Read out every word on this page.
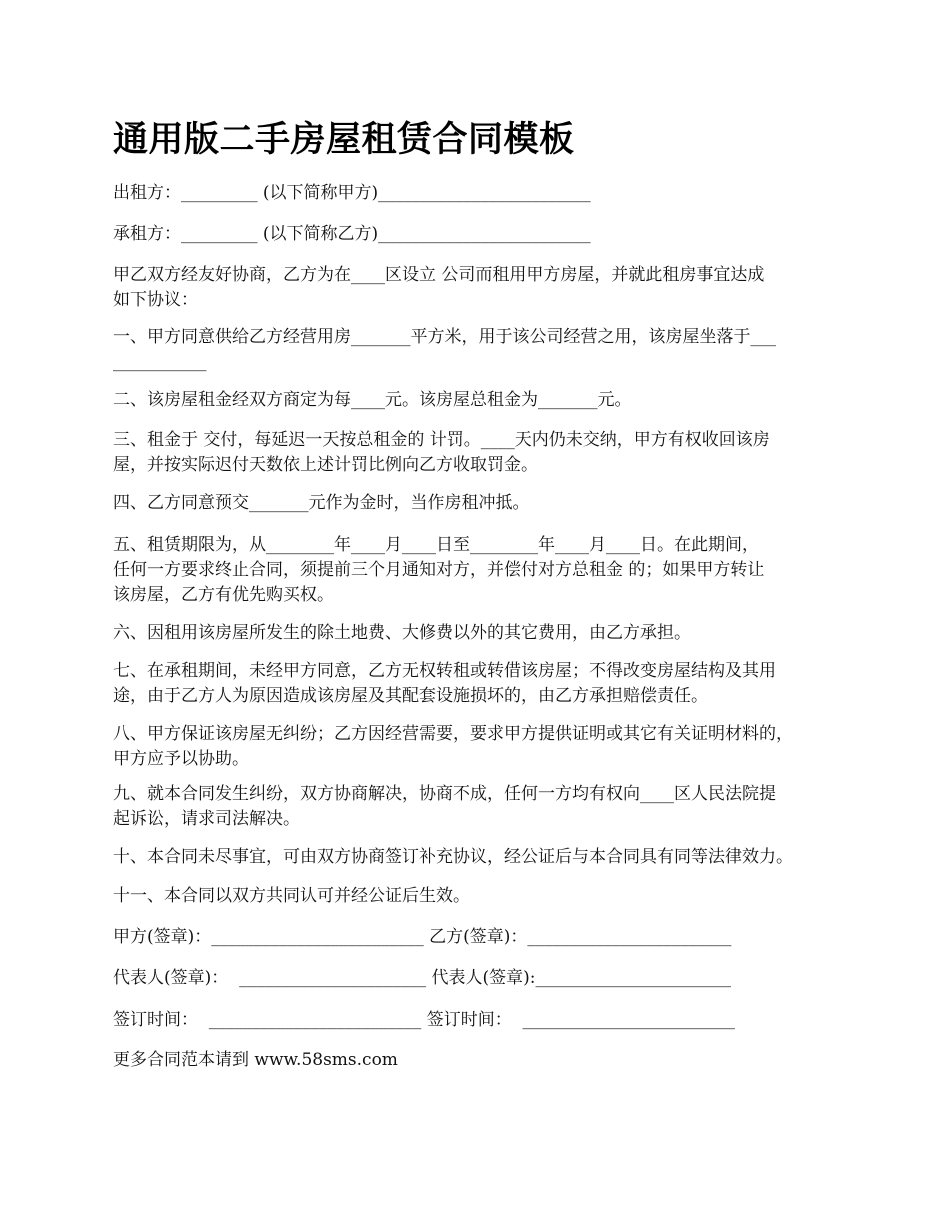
通用版二手房屋租赁合同模板

出租方：_________ (以下简称甲方)_________________________

承租方：_________ (以下简称乙方)_________________________

甲乙双方经友好协商，乙方为在____区设立 公司而租用甲方房屋，并就此租房事宜达成
如下协议：

一、甲方同意供给乙方经营用房_______平方米，用于该公司经营之用，该房屋坐落于___
___________

二、该房屋租金经双方商定为每____元。该房屋总租金为_______元。

三、租金于 交付，每延迟一天按总租金的 计罚。____天内仍未交纳，甲方有权收回该房
屋，并按实际迟付天数依上述计罚比例向乙方收取罚金。

四、乙方同意预交_______元作为金时，当作房租冲抵。

五、租赁期限为，从________年____月____日至________年____月____日。在此期间，
任何一方要求终止合同，须提前三个月通知对方，并偿付对方总租金 的；如果甲方转让
该房屋，乙方有优先购买权。

六、因租用该房屋所发生的除土地费、大修费以外的其它费用，由乙方承担。

七、在承租期间，未经甲方同意，乙方无权转租或转借该房屋；不得改变房屋结构及其用
途，由于乙方人为原因造成该房屋及其配套设施损坏的，由乙方承担赔偿责任。

八、甲方保证该房屋无纠纷；乙方因经营需要，要求甲方提供证明或其它有关证明材料的，
甲方应予以协助。

九、就本合同发生纠纷，双方协商解决，协商不成，任何一方均有权向____区人民法院提
起诉讼，请求司法解决。

十、本合同未尽事宜，可由双方协商签订补充协议，经公证后与本合同具有同等法律效力。

十一、本合同以双方共同认可并经公证后生效。

甲方(签章)：_________________________ 乙方(签章)：________________________

代表人(签章)：  ______________________ 代表人(签章):_______________________

签订时间：  _________________________ 签订时间：  _________________________

更多合同范本请到 www.58sms.com
